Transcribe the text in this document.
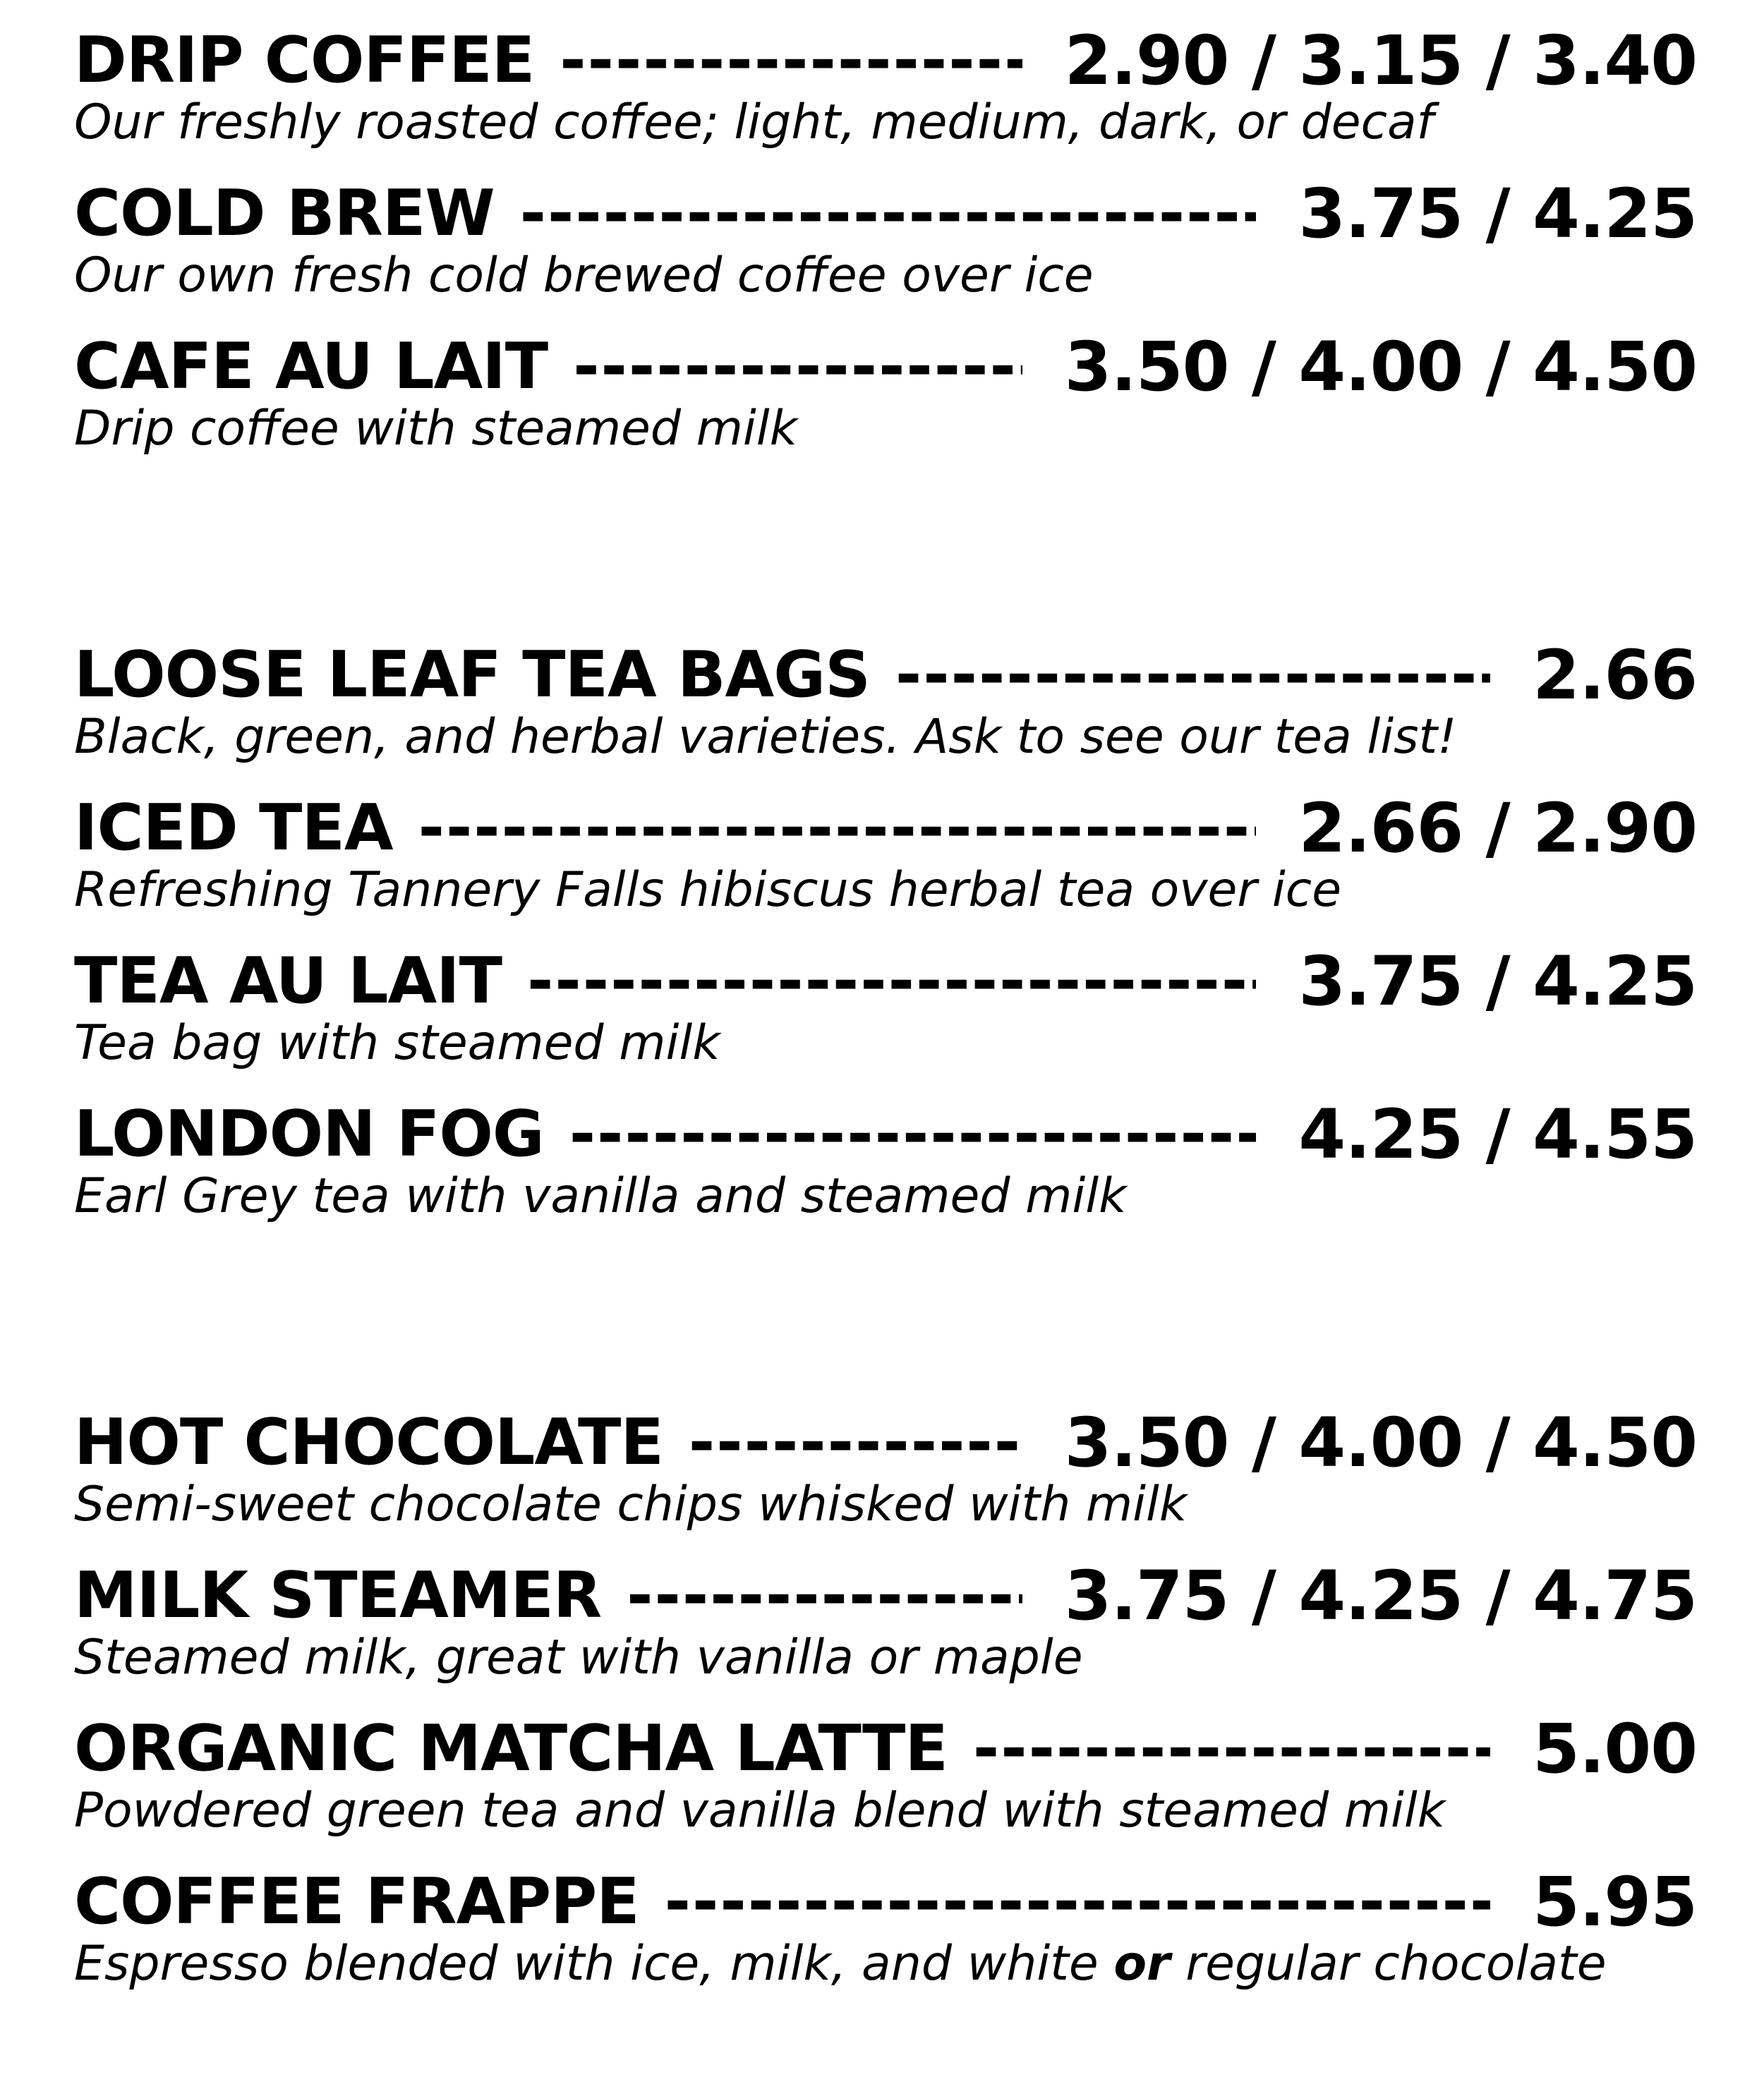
DRIP COFFEE -----	2.90 / 3.15 / 3.40
Our freshly roasted coffee; light, medium, dark, or decaf
COLD BREW -----	3.75 / 4.25
Our own fresh cold brewed coffee over ice
CAFE AU LAIT -----	3.50 / 4.00 / 4.50
Drip coffee with steamed milk
LOOSE LEAF TEA BAGS -----	2.66
Black, green, and herbal varieties. Ask to see our tea list!
ICED TEA -----	2.66 / 2.90
Refreshing Tannery Falls hibiscus herbal tea over ice
TEA AU LAIT -----	3.75 / 4.25
Tea bag with steamed milk
LONDON FOG -----	4.25 / 4.55
Earl Grey tea with vanilla and steamed milk
HOT CHOCOLATE -----	3.50 / 4.00 / 4.50
Semi-sweet chocolate chips whisked with milk
MILK STEAMER -----	3.75 / 4.25 / 4.75
Steamed milk, great with vanilla or maple
ORGANIC MATCHA LATTE -----	5.00
Powdered green tea and vanilla blend with steamed milk
COFFEE FRAPPE -----	5.95
Espresso blended with ice, milk, and white or regular chocolate
